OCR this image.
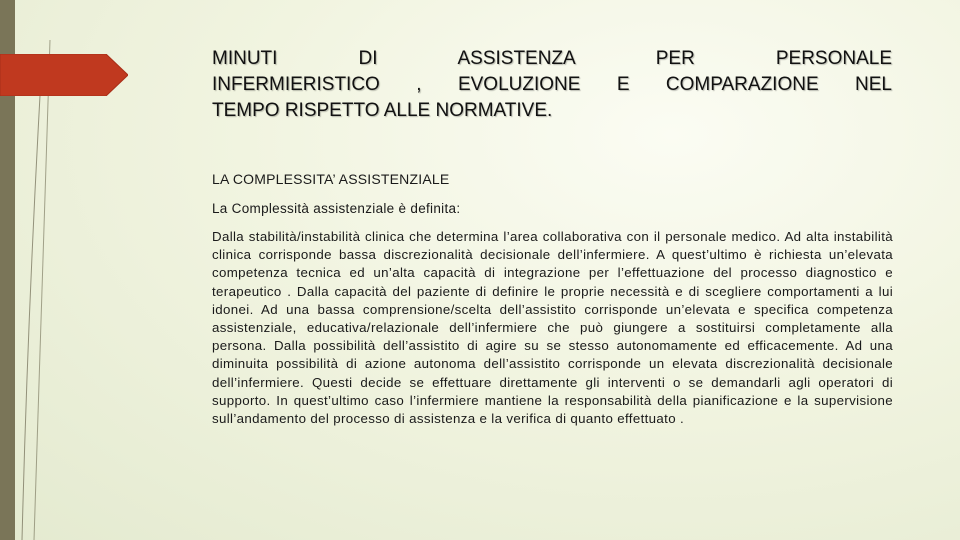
MINUTI DI ASSISTENZA PER PERSONALE
INFERMIERISTICO , EVOLUZIONE E COMPARAZIONE NEL
TEMPO RISPETTO ALLE NORMATIVE.
LA COMPLESSITA’ ASSISTENZIALE

La Complessità assistenziale è definita:

Dalla stabilità/instabilità clinica che determina l’area collaborativa con il personale medico. Ad alta instabilità clinica corrisponde bassa discrezionalità decisionale dell’infermiere. A quest’ultimo è richiesta un’elevata competenza tecnica ed un’alta capacità di integrazione per l’effettuazione del processo diagnostico e terapeutico . Dalla capacità del paziente di definire le proprie necessità e di scegliere comportamenti a lui idonei. Ad una bassa comprensione/scelta dell’assistito corrisponde un’elevata e specifica competenza assistenziale, educativa/relazionale dell’infermiere che può giungere a sostituirsi completamente alla persona. Dalla possibilità dell’assistito di agire su se stesso autonomamente ed efficacemente. Ad una diminuita possibilità di azione autonoma dell’assistito corrisponde un elevata discrezionalità decisionale dell’infermiere. Questi decide se effettuare direttamente gli interventi o se demandarli agli operatori di supporto. In quest’ultimo caso l’infermiere mantiene la responsabilità della pianificazione e la supervisione sull’andamento del processo di assistenza e la verifica di quanto effettuato .
